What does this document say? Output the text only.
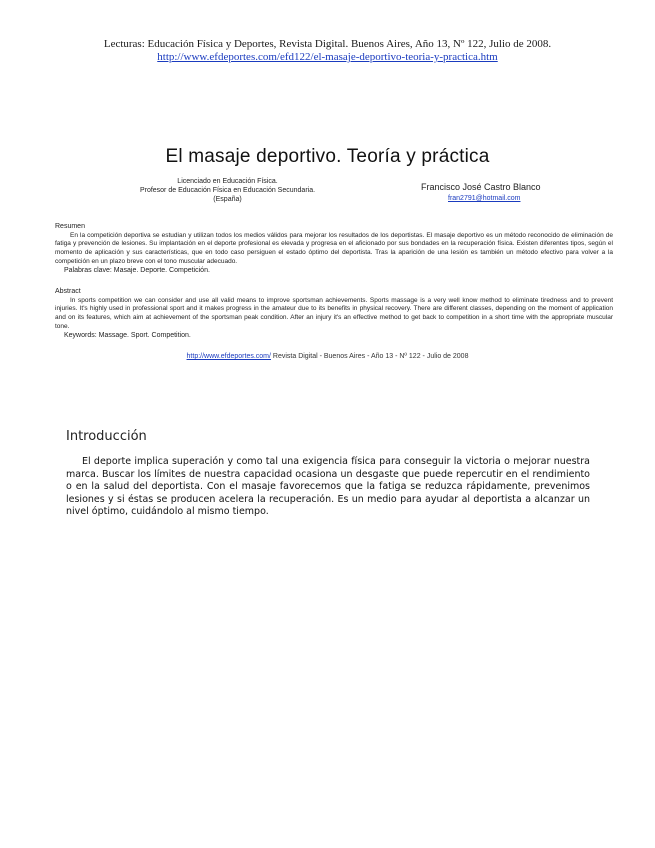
Lecturas: Educación Física y Deportes, Revista Digital. Buenos Aires, Año 13, Nº 122, Julio de 2008.
http://www.efdeportes.com/efd122/el-masaje-deportivo-teoria-y-practica.htm
El masaje deportivo. Teoría y práctica
Licenciado en Educación Física.
Profesor de Educación Física en Educación Secundaria.
(España)
Francisco José Castro Blanco
fran2791@hotmail.com
Resumen
En la competición deportiva se estudian y utilizan todos los medios válidos para mejorar los resultados de los deportistas. El masaje deportivo es un método reconocido de eliminación de fatiga y prevención de lesiones. Su implantación en el deporte profesional es elevada y progresa en el aficionado por sus bondades en la recuperación física. Existen diferentes tipos, según el momento de aplicación y sus características, que en todo caso persiguen el estado óptimo del deportista. Tras la aparición de una lesión es también un método efectivo para volver a la competición en un plazo breve con el tono muscular adecuado.
Palabras clave: Masaje. Deporte. Competición.
Abstract
In sports competition we can consider and use all valid means to improve sportsman achievements. Sports massage is a very well know method to eliminate tiredness and to prevent injuries. It's highly used in professional sport and it makes progress in the amateur due to its benefits in physical recovery. There are different classes, depending on the moment of application and on its features, which aim at achievement of the sportsman peak condition. After an injury it's an effective method to get back to competition in a short time with the appropriate muscular tone.
Keywords: Massage. Sport. Competition.
http://www.efdeportes.com/ Revista Digital - Buenos Aires - Año 13 - Nº 122 - Julio de 2008
Introducción
El deporte implica superación y como tal una exigencia física para conseguir la victoria o mejorar nuestra marca. Buscar los límites de nuestra capacidad ocasiona un desgaste que puede repercutir en el rendimiento o en la salud del deportista. Con el masaje favorecemos que la fatiga se reduzca rápidamente, prevenimos lesiones y si éstas se producen acelera la recuperación. Es un medio para ayudar al deportista a alcanzar un nivel óptimo, cuidándolo al mismo tiempo.
